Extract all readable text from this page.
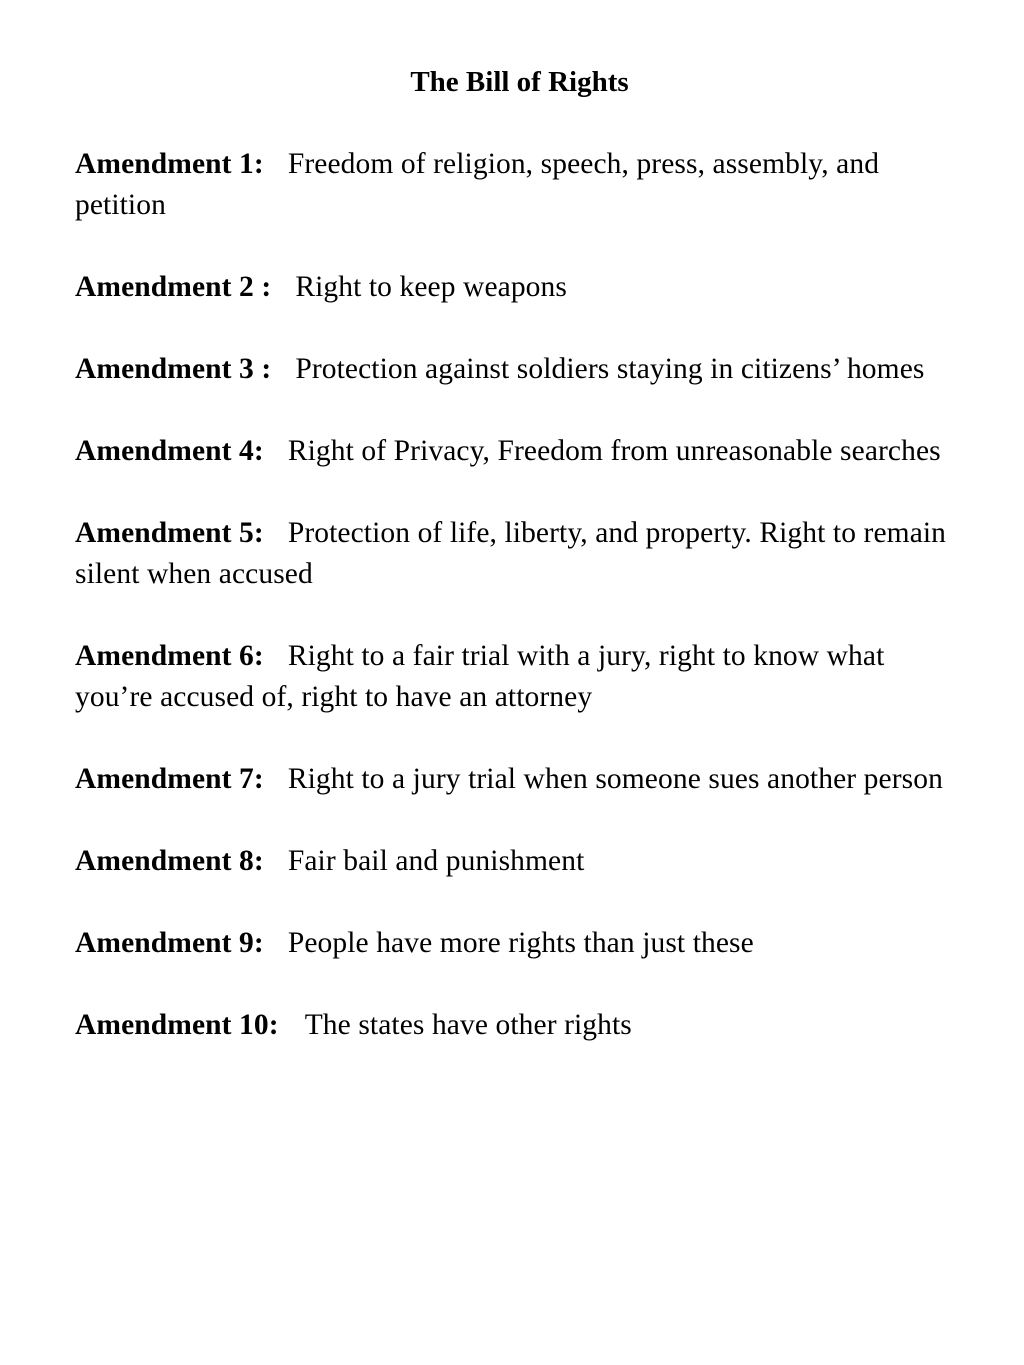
The Bill of Rights
Amendment 1: Freedom of religion, speech, press, assembly, and petition
Amendment 2 : Right to keep weapons
Amendment 3 : Protection against soldiers staying in citizens’ homes
Amendment 4: Right of Privacy, Freedom from unreasonable searches
Amendment 5: Protection of life, liberty, and property. Right to remain silent when accused
Amendment 6: Right to a fair trial with a jury, right to know what you’re accused of, right to have an attorney
Amendment 7: Right to a jury trial when someone sues another person
Amendment 8: Fair bail and punishment
Amendment 9: People have more rights than just these
Amendment 10: The states have other rights
